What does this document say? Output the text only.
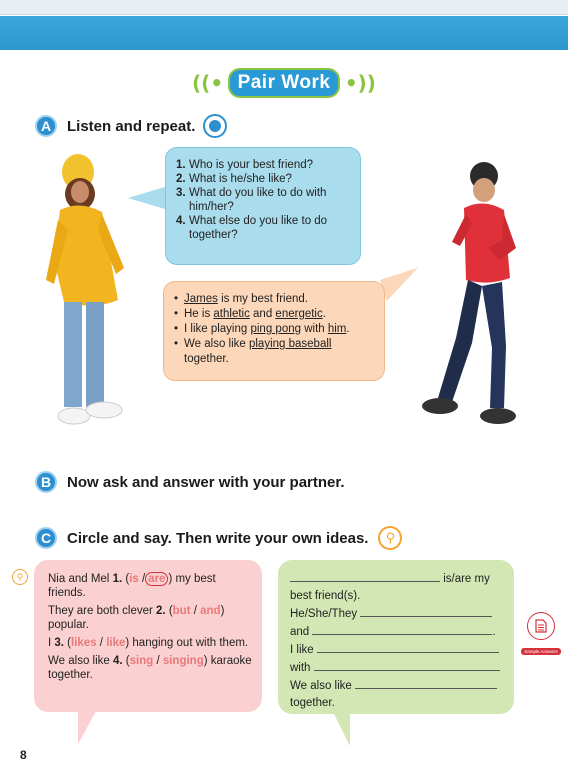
((• Pair Work •))
A	Listen and repeat.
1. Who is your best friend?
2. What is he/she like?
3. What do you like to do with him/her?
4. What else do you like to do together?
• James is my best friend.
• He is athletic and energetic.
• I like playing ping pong with him.
• We also like playing baseball together.
B	Now ask and answer with your partner.
C	Circle and say. Then write your own ideas.	⚲
⚲	Nia and Mel 1. (is / are ) my best friends.

They are both clever 2. (but / and) popular.

I 3. (likes / like) hanging out with them.

We also like 4. (sing / singing) karaoke together.

is/are my
best friend(s).
He/She/They
and	.
I like
with
We also like
together.
Sample Answers
8
